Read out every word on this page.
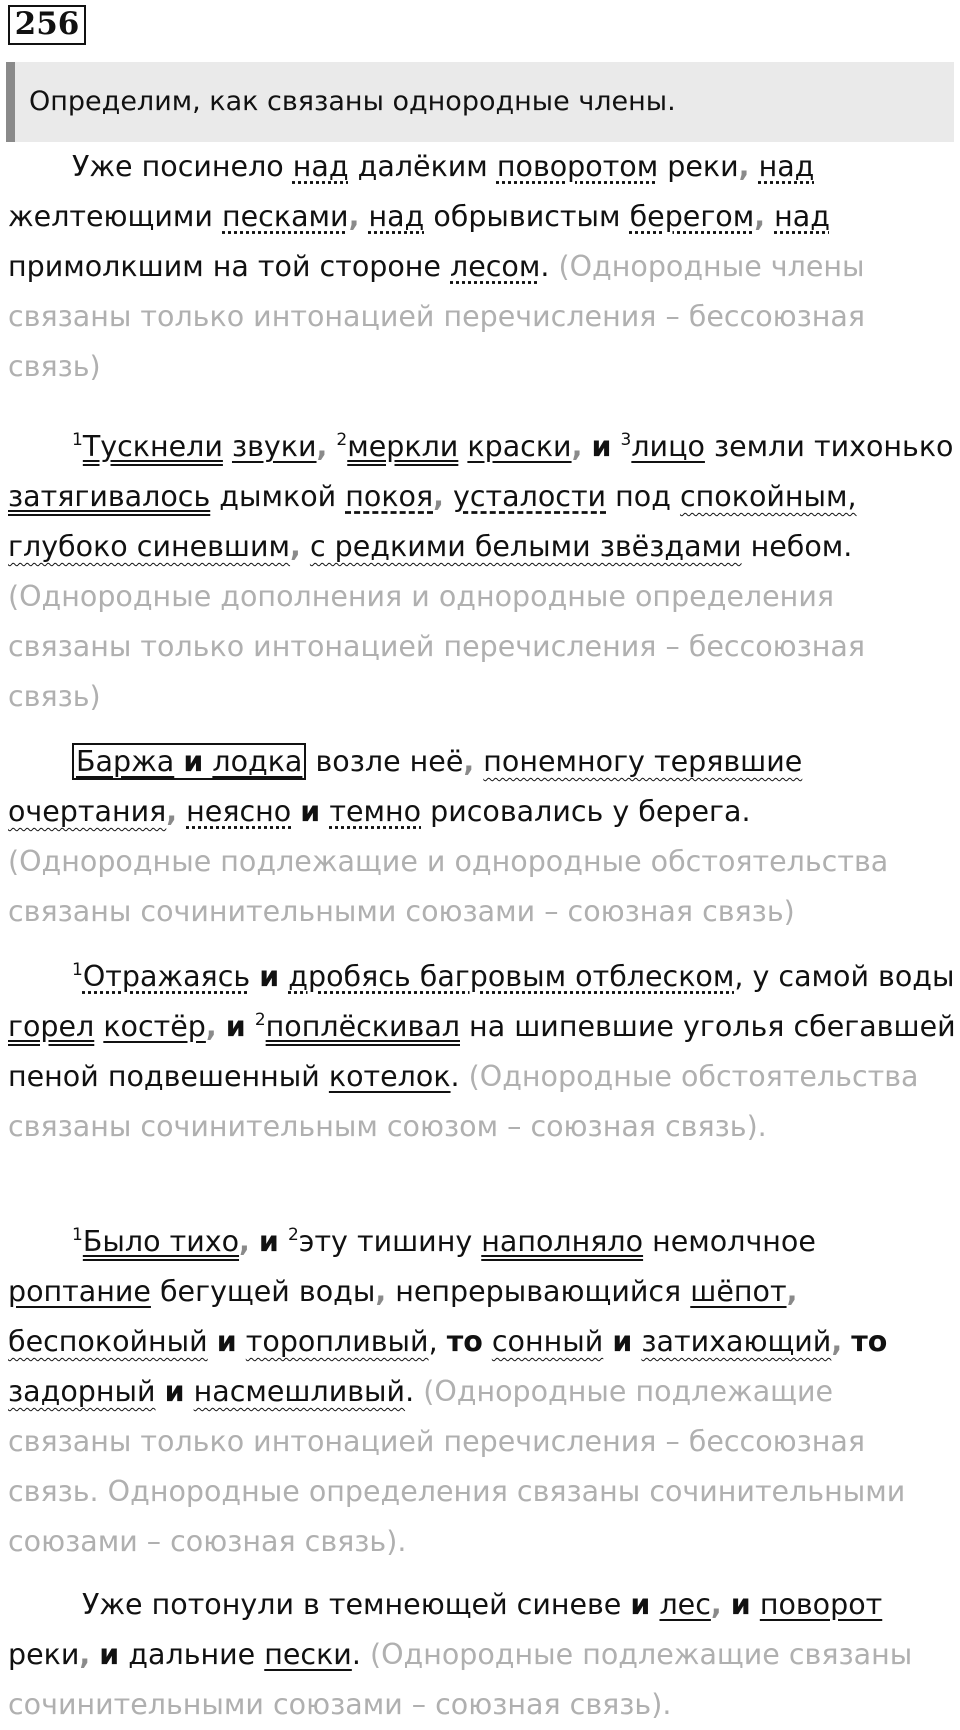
256
Определим, как связаны однородные члены.

Уже посинело над далёким поворотом реки, над желтеющими песками, над обрывистым берегом, над примолкшим на той стороне лесом. (Однородные члены связаны только интонацией перечисления – бессоюзная связь)

$^1$Тускнели звуки, $^2$меркли краски, и $^3$лицо земли тихонько затягивалось дымкой покоя, усталости под спокойным, глубоко синевшим, с редкими белыми звёздами небом. (Однородные дополнения и однородные определения связаны только интонацией перечисления – бессоюзная связь)

Баржа и лодка возле неё, понемногу терявшие очертания, неясно и темно рисовались у берега. (Однородные подлежащие и однородные обстоятельства связаны сочинительными союзами – союзная связь)

$^1$Отражаясь и дробясь багровым отблеском, у самой воды горел костёр, и $^2$поплёскивал на шипевшие уголья сбегавшей пеной подвешенный котелок. (Однородные обстоятельства связаны сочинительным союзом – союзная связь).

$^1$Было тихо, и $^2$эту тишину наполняло немолчное роптание бегущей воды, непрерывающийся шёпот, беспокойный и торопливый, то сонный и затихающий, то задорный и насмешливый. (Однородные подлежащие связаны только интонацией перечисления – бессоюзная связь. Однородные определения связаны сочинительными союзами – союзная связь).

Уже потонули в темнеющей синеве и лес, и поворот реки, и дальние пески. (Однородные подлежащие связаны сочинительными союзами – союзная связь).
